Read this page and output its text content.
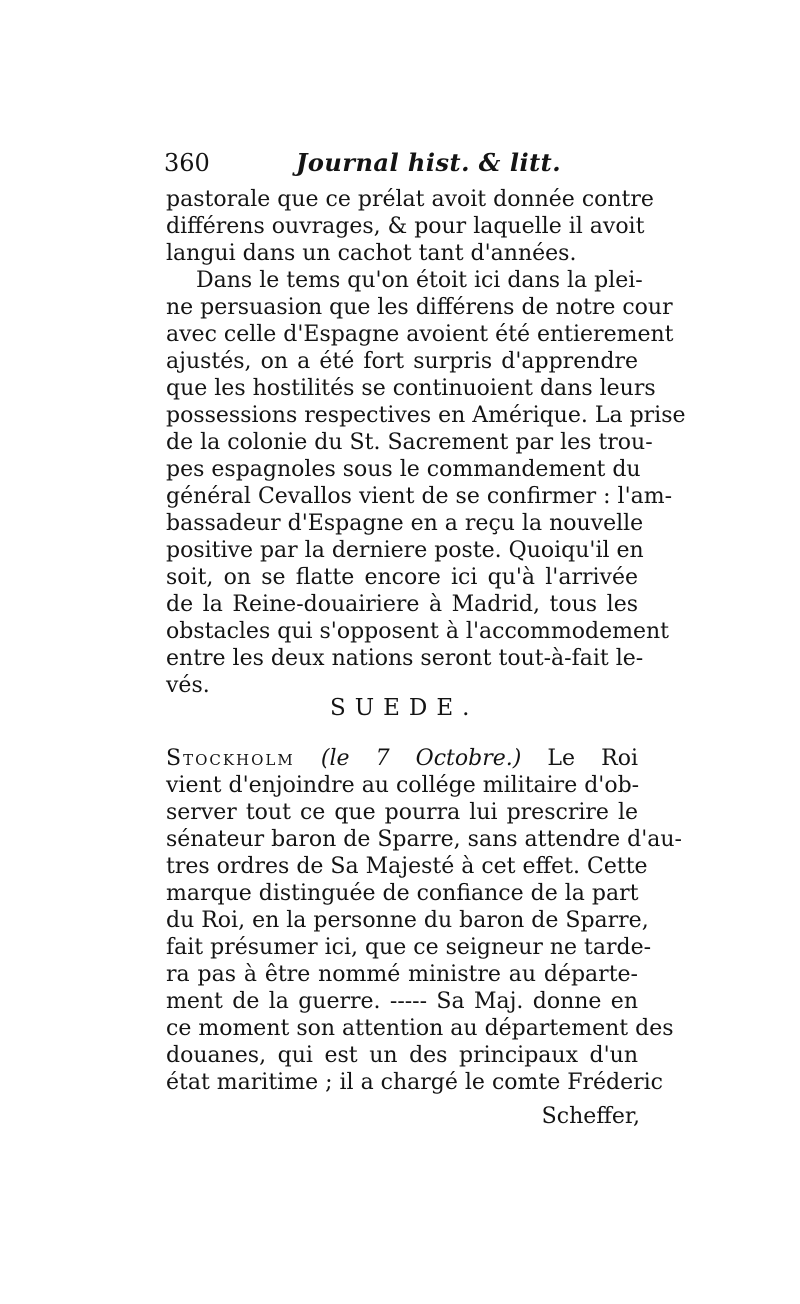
360	Journal hist. & litt.
pastorale que ce prélat avoit donnée contre
différens ouvrages, & pour laquelle il avoit
langui dans un cachot tant d'années.
Dans le tems qu'on étoit ici dans la plei-
ne persuasion que les différens de notre cour
avec celle d'Espagne avoient été entierement
ajustés, on a été fort surpris d'apprendre
que les hostilités se continuoient dans leurs
possessions respectives en Amérique. La prise
de la colonie du St. Sacrement par les trou-
pes espagnoles sous le commandement du
général Cevallos vient de se confirmer : l'am-
bassadeur d'Espagne en a reçu la nouvelle
positive par la derniere poste. Quoiqu'il en
soit, on se flatte encore ici qu'à l'arrivée
de la Reine-douairiere à Madrid, tous les
obstacles qui s'opposent à l'accommodement
entre les deux nations seront tout-à-fait le-
vés.
SUEDE.
Stockholm (le 7 Octobre.) Le Roi
vient d'enjoindre au collége militaire d'ob-
server tout ce que pourra lui prescrire le
sénateur baron de Sparre, sans attendre d'au-
tres ordres de Sa Majesté à cet effet. Cette
marque distinguée de confiance de la part
du Roi, en la personne du baron de Sparre,
fait présumer ici, que ce seigneur ne tarde-
ra pas à être nommé ministre au départe-
ment de la guerre. ----- Sa Maj. donne en
ce moment son attention au département des
douanes, qui est un des principaux d'un
état maritime ; il a chargé le comte Fréderic
Scheffer,
